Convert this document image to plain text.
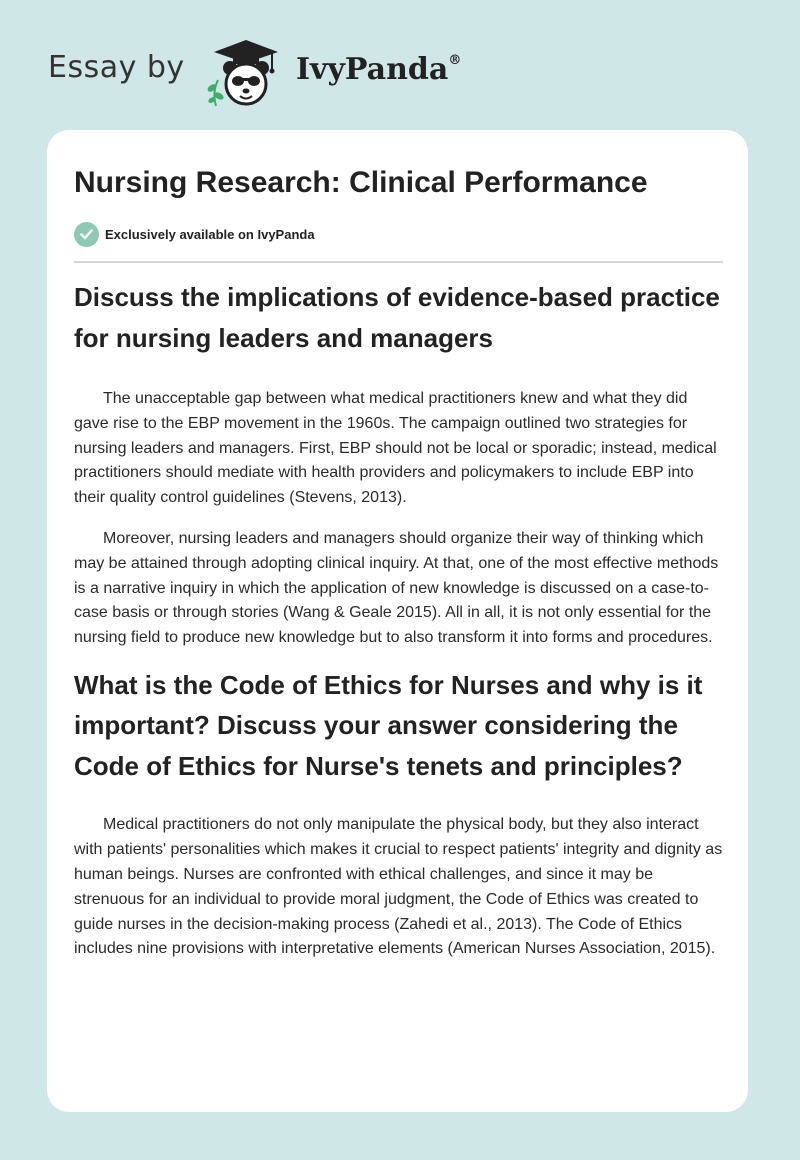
Essay by	IvyPanda®
Nursing Research: Clinical Performance
Exclusively available on IvyPanda
Discuss the implications of evidence-based practice for nursing leaders and managers

The unacceptable gap between what medical practitioners knew and what they did gave rise to the EBP movement in the 1960s. The campaign outlined two strategies for nursing leaders and managers. First, EBP should not be local or sporadic; instead, medical practitioners should mediate with health providers and policymakers to include EBP into their quality control guidelines (Stevens, 2013).

Moreover, nursing leaders and managers should organize their way of thinking which may be attained through adopting clinical inquiry. At that, one of the most effective methods is a narrative inquiry in which the application of new knowledge is discussed on a case-to-case basis or through stories (Wang & Geale 2015). All in all, it is not only essential for the nursing field to produce new knowledge but to also transform it into forms and procedures.

What is the Code of Ethics for Nurses and why is it important? Discuss your answer considering the Code of Ethics for Nurse's tenets and principles?

Medical practitioners do not only manipulate the physical body, but they also interact with patients' personalities which makes it crucial to respect patients' integrity and dignity as human beings. Nurses are confronted with ethical challenges, and since it may be strenuous for an individual to provide moral judgment, the Code of Ethics was created to guide nurses in the decision-making process (Zahedi et al., 2013). The Code of Ethics includes nine provisions with interpretative elements (American Nurses Association, 2015).
